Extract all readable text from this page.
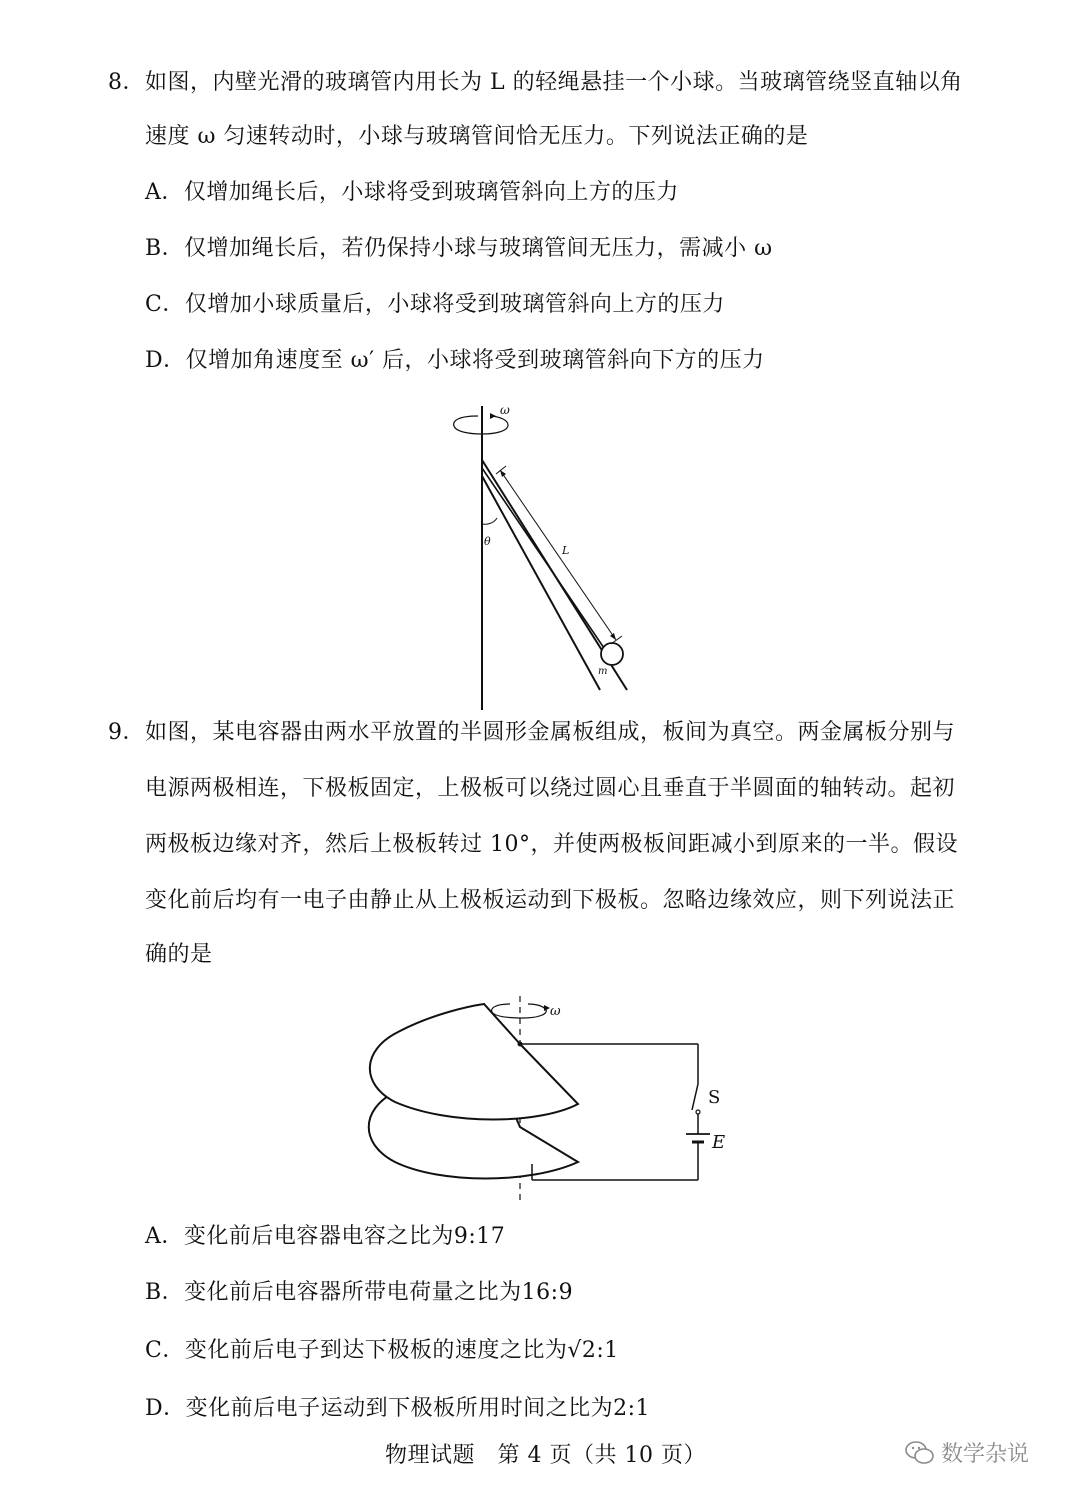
8．如图，内壁光滑的玻璃管内用长为 L 的轻绳悬挂一个小球。当玻璃管绕竖直轴以角
速度 ω 匀速转动时，小球与玻璃管间恰无压力。下列说法正确的是
A．仅增加绳长后，小球将受到玻璃管斜向上方的压力
B．仅增加绳长后，若仍保持小球与玻璃管间无压力，需减小 ω
C．仅增加小球质量后，小球将受到玻璃管斜向上方的压力
D．仅增加角速度至 ω′ 后，小球将受到玻璃管斜向下方的压力
ω
m
L
θ
9．如图，某电容器由两水平放置的半圆形金属板组成，板间为真空。两金属板分别与
电源两极相连，下极板固定，上极板可以绕过圆心且垂直于半圆面的轴转动。起初
两极板边缘对齐，然后上极板转过 10°，并使两极板间距减小到原来的一半。假设
变化前后均有一电子由静止从上极板运动到下极板。忽略边缘效应，则下列说法正
确的是
ω
S
E
A．变化前后电容器电容之比为9:17
B．变化前后电容器所带电荷量之比为16:9
C．变化前后电子到达下极板的速度之比为√2:1
D．变化前后电子运动到下极板所用时间之比为2:1
物理试题　第 4 页（共 10 页）	数学杂说
